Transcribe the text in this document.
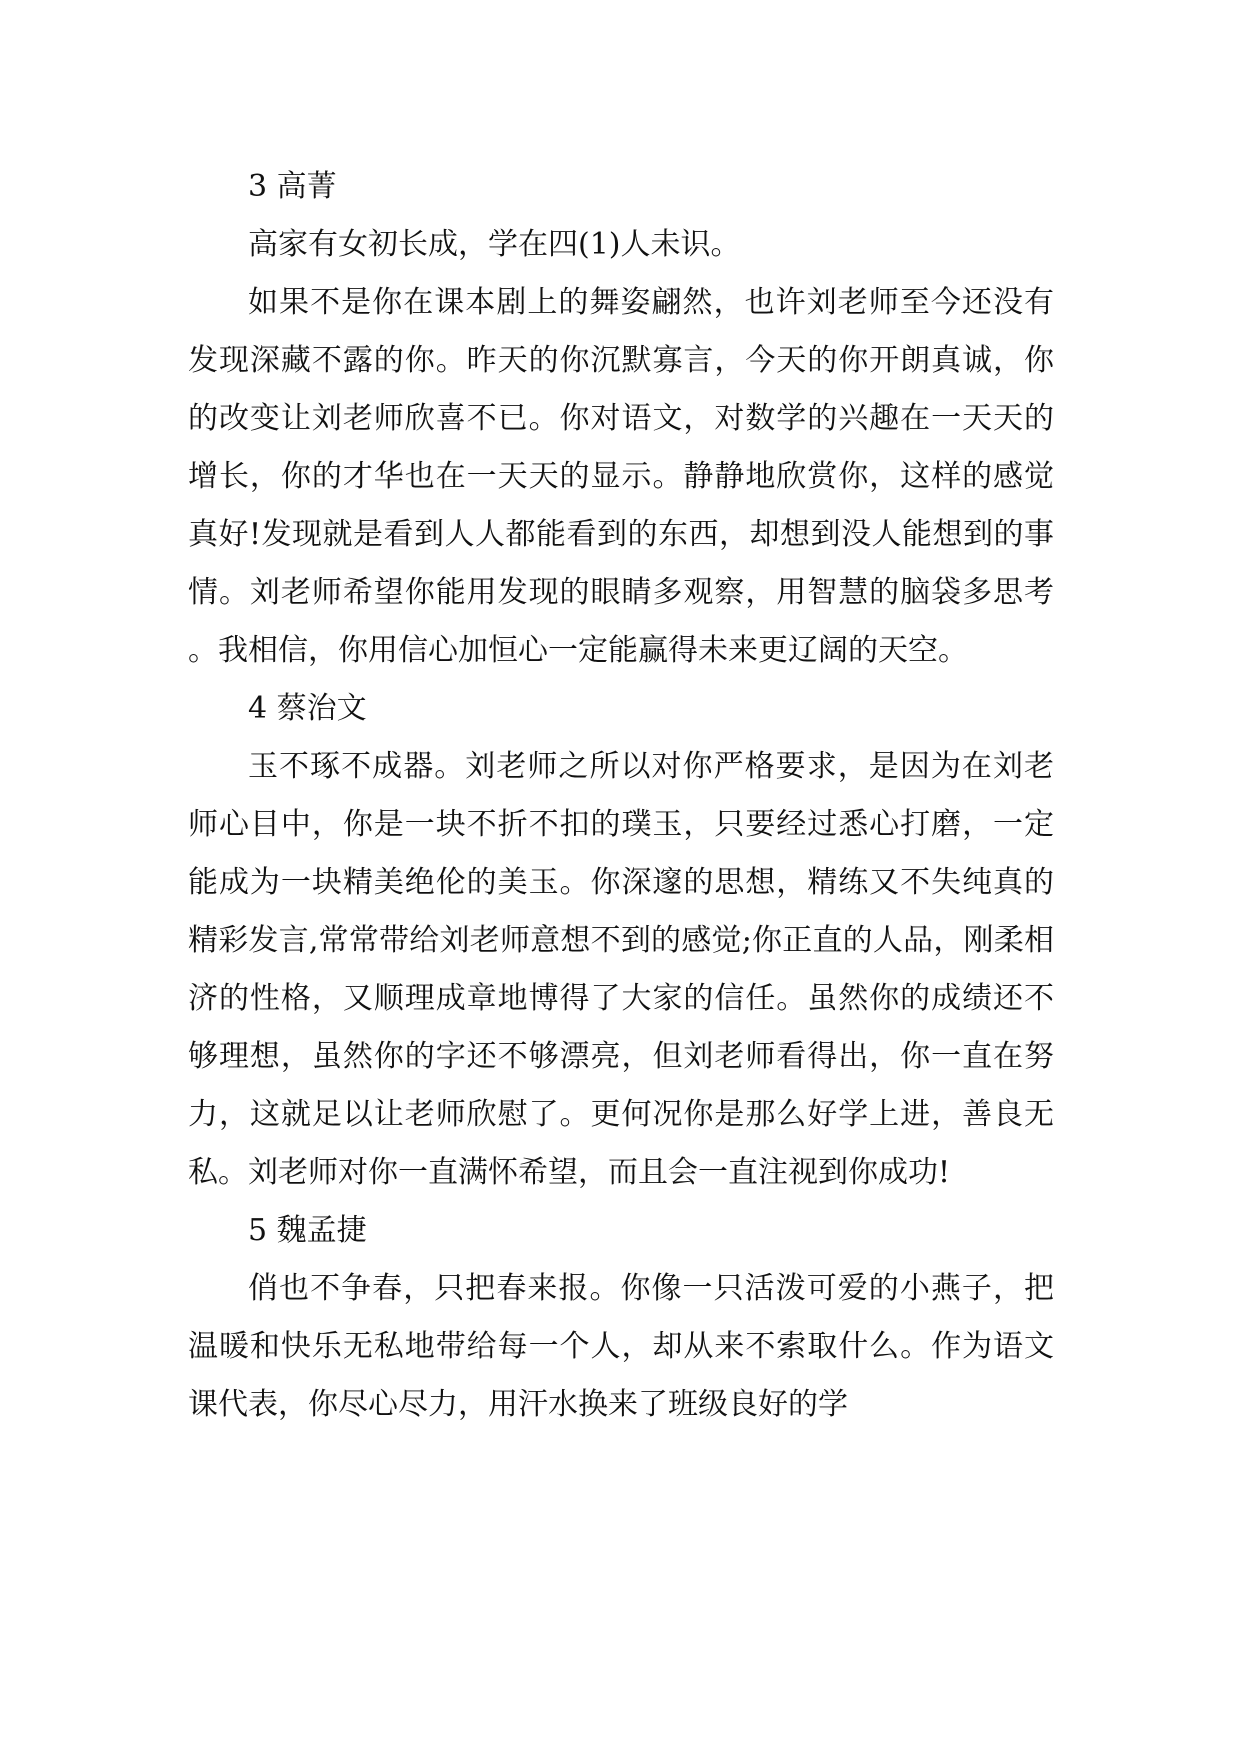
3 高菁

高家有女初长成，学在四(1)人未识。

如果不是你在课本剧上的舞姿翩然，也许刘老师至今还没有发现深藏不露的你。昨天的你沉默寡言，今天的你开朗真诚，你的改变让刘老师欣喜不已。你对语文，对数学的兴趣在一天天的增长，你的才华也在一天天的显示。静静地欣赏你，这样的感觉真好!发现就是看到人人都能看到的东西，却想到没人能想到的事情。刘老师希望你能用发现的眼睛多观察，用智慧的脑袋多思考。我相信，你用信心加恒心一定能赢得未来更辽阔的天空。

4 蔡治文

玉不琢不成器。刘老师之所以对你严格要求，是因为在刘老师心目中，你是一块不折不扣的璞玉，只要经过悉心打磨，一定能成为一块精美绝伦的美玉。你深邃的思想，精练又不失纯真的精彩发言,常常带给刘老师意想不到的感觉;你正直的人品，刚柔相济的性格，又顺理成章地博得了大家的信任。虽然你的成绩还不够理想，虽然你的字还不够漂亮，但刘老师看得出，你一直在努力，这就足以让老师欣慰了。更何况你是那么好学上进，善良无私。刘老师对你一直满怀希望，而且会一直注视到你成功!

5 魏孟捷

俏也不争春，只把春来报。你像一只活泼可爱的小燕子，把温暖和快乐无私地带给每一个人，却从来不索取什么。作为语文课代表，你尽心尽力，用汗水换来了班级良好的学
